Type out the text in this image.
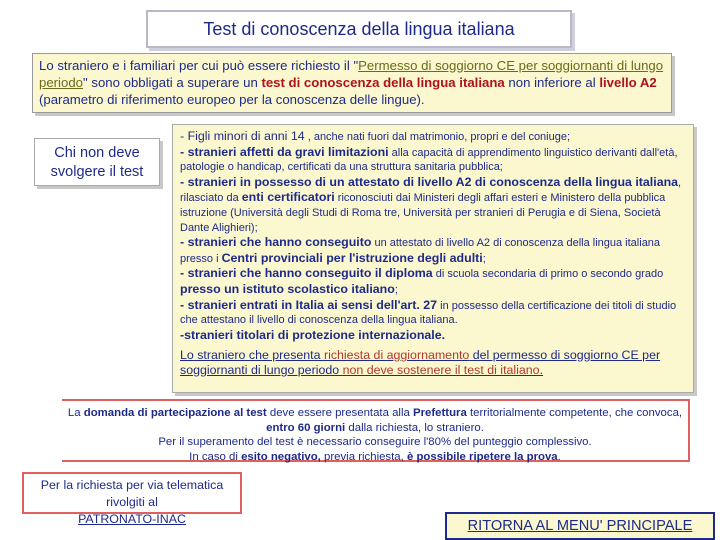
Test di conoscenza della lingua italiana
Lo straniero e i familiari per cui può essere richiesto il "Permesso di soggiorno CE per soggiornanti di lungo periodo" sono obbligati a superare un test di conoscenza della lingua italiana non inferiore al livello A2 (parametro di riferimento europeo per la conoscenza delle lingue).
Chi non deve svolgere il test

- Figli minori di anni 14 , anche nati fuori dal matrimonio, propri e del coniuge;

- stranieri affetti da gravi limitazioni alla capacità di apprendimento linguistico derivanti dall'età, patologie o handicap, certificati da una struttura sanitaria pubblica;

- stranieri in possesso di un attestato di livello A2 di conoscenza della lingua italiana, rilasciato da enti certificatori riconosciuti dai Ministeri degli affari esteri e Ministero della pubblica istruzione (Università degli Studi di Roma tre, Università per stranieri di Perugia e di Siena, Società Dante Alighieri);

- stranieri che hanno conseguito un attestato di livello A2 di conoscenza della lingua italiana presso i Centri provinciali per l'istruzione degli adulti;

- stranieri che hanno conseguito il diploma di scuola secondaria di primo o secondo grado presso un istituto scolastico italiano;

- stranieri entrati in Italia ai sensi dell'art. 27 in possesso della certificazione dei titoli di studio che attestano il livello di conoscenza della lingua italiana.

-stranieri titolari di protezione internazionale.

Lo straniero che presenta richiesta di aggiornamento del permesso di soggiorno CE per soggiornanti di lungo periodo non deve sostenere il test di italiano.

La domanda di partecipazione al test deve essere presentata alla Prefettura territorialmente competente, che convoca, entro 60 giorni dalla richiesta, lo straniero.

Per il superamento del test è necessario conseguire l'80% del punteggio complessivo.

In caso di esito negativo, previa richiesta, è possibile ripetere la prova.

Per la richiesta per via telematica rivolgiti al
PATRONATO-INAC	RITORNA AL MENU' PRINCIPALE
